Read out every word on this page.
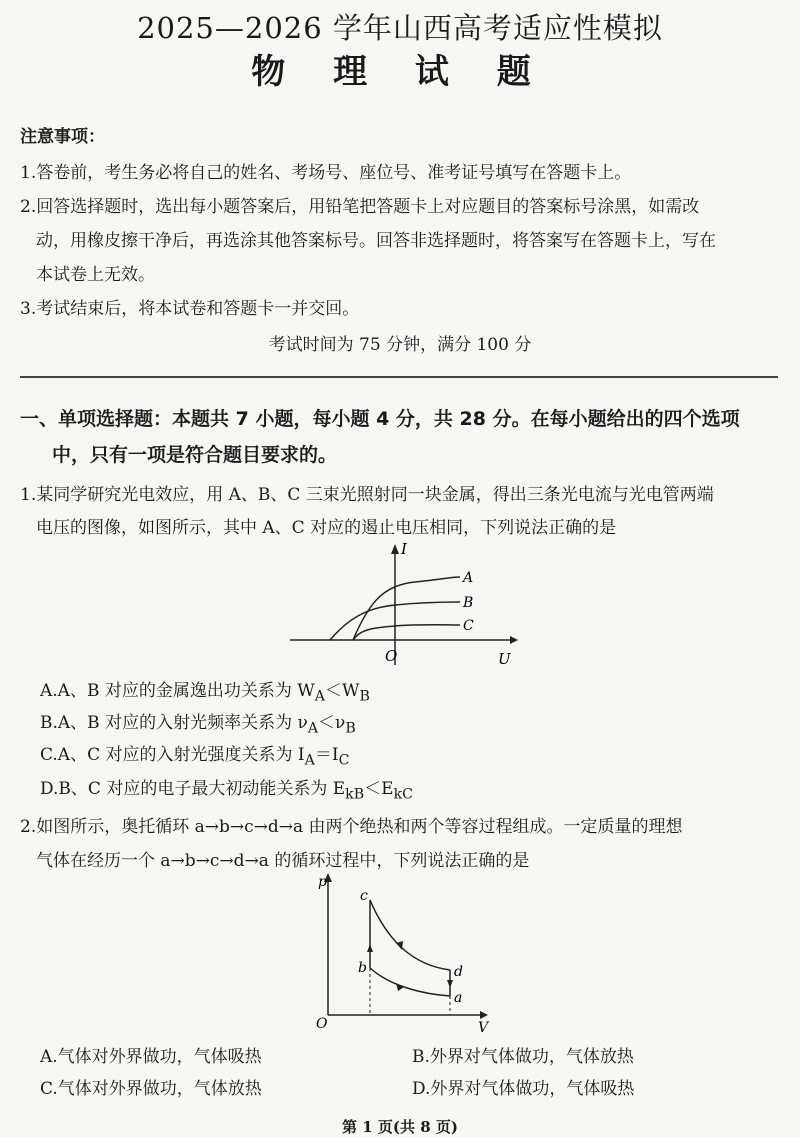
2025—2026 学年山西高考适应性模拟
物 理 试 题
注意事项：
1.答卷前，考生务必将自己的姓名、考场号、座位号、准考证号填写在答题卡上。
2.回答选择题时，选出每小题答案后，用铅笔把答题卡上对应题目的答案标号涂黑，如需改
动，用橡皮擦干净后，再选涂其他答案标号。回答非选择题时，将答案写在答题卡上，写在
本试卷上无效。
3.考试结束后，将本试卷和答题卡一并交回。
考试时间为 75 分钟，满分 100 分
一、单项选择题：本题共 7 小题，每小题 4 分，共 28 分。在每小题给出的四个选项
中，只有一项是符合题目要求的。
1.某同学研究光电效应，用 A、B、C 三束光照射同一块金属，得出三条光电流与光电管两端
电压的图像，如图所示，其中 A、C 对应的遏止电压相同，下列说法正确的是
I
U
O
A
B
C
A.A、B 对应的金属逸出功关系为 $W_A<W_B$
B.A、B 对应的入射光频率关系为 $\nu_A<\nu_B$
C.A、C 对应的入射光强度关系为 $I_A=I_C$
D.B、C 对应的电子最大初动能关系为 $E_{kB}<E_{kC}$
2.如图所示，奥托循环 a→b→c→d→a 由两个绝热和两个等容过程组成。一定质量的理想
气体在经历一个 a→b→c→d→a 的循环过程中，下列说法正确的是
p
V
O
a
b
c
d
A.气体对外界做功，气体吸热	B.外界对气体做功，气体放热
C.气体对外界做功，气体放热	D.外界对气体做功，气体吸热
第 1 页(共 8 页)
